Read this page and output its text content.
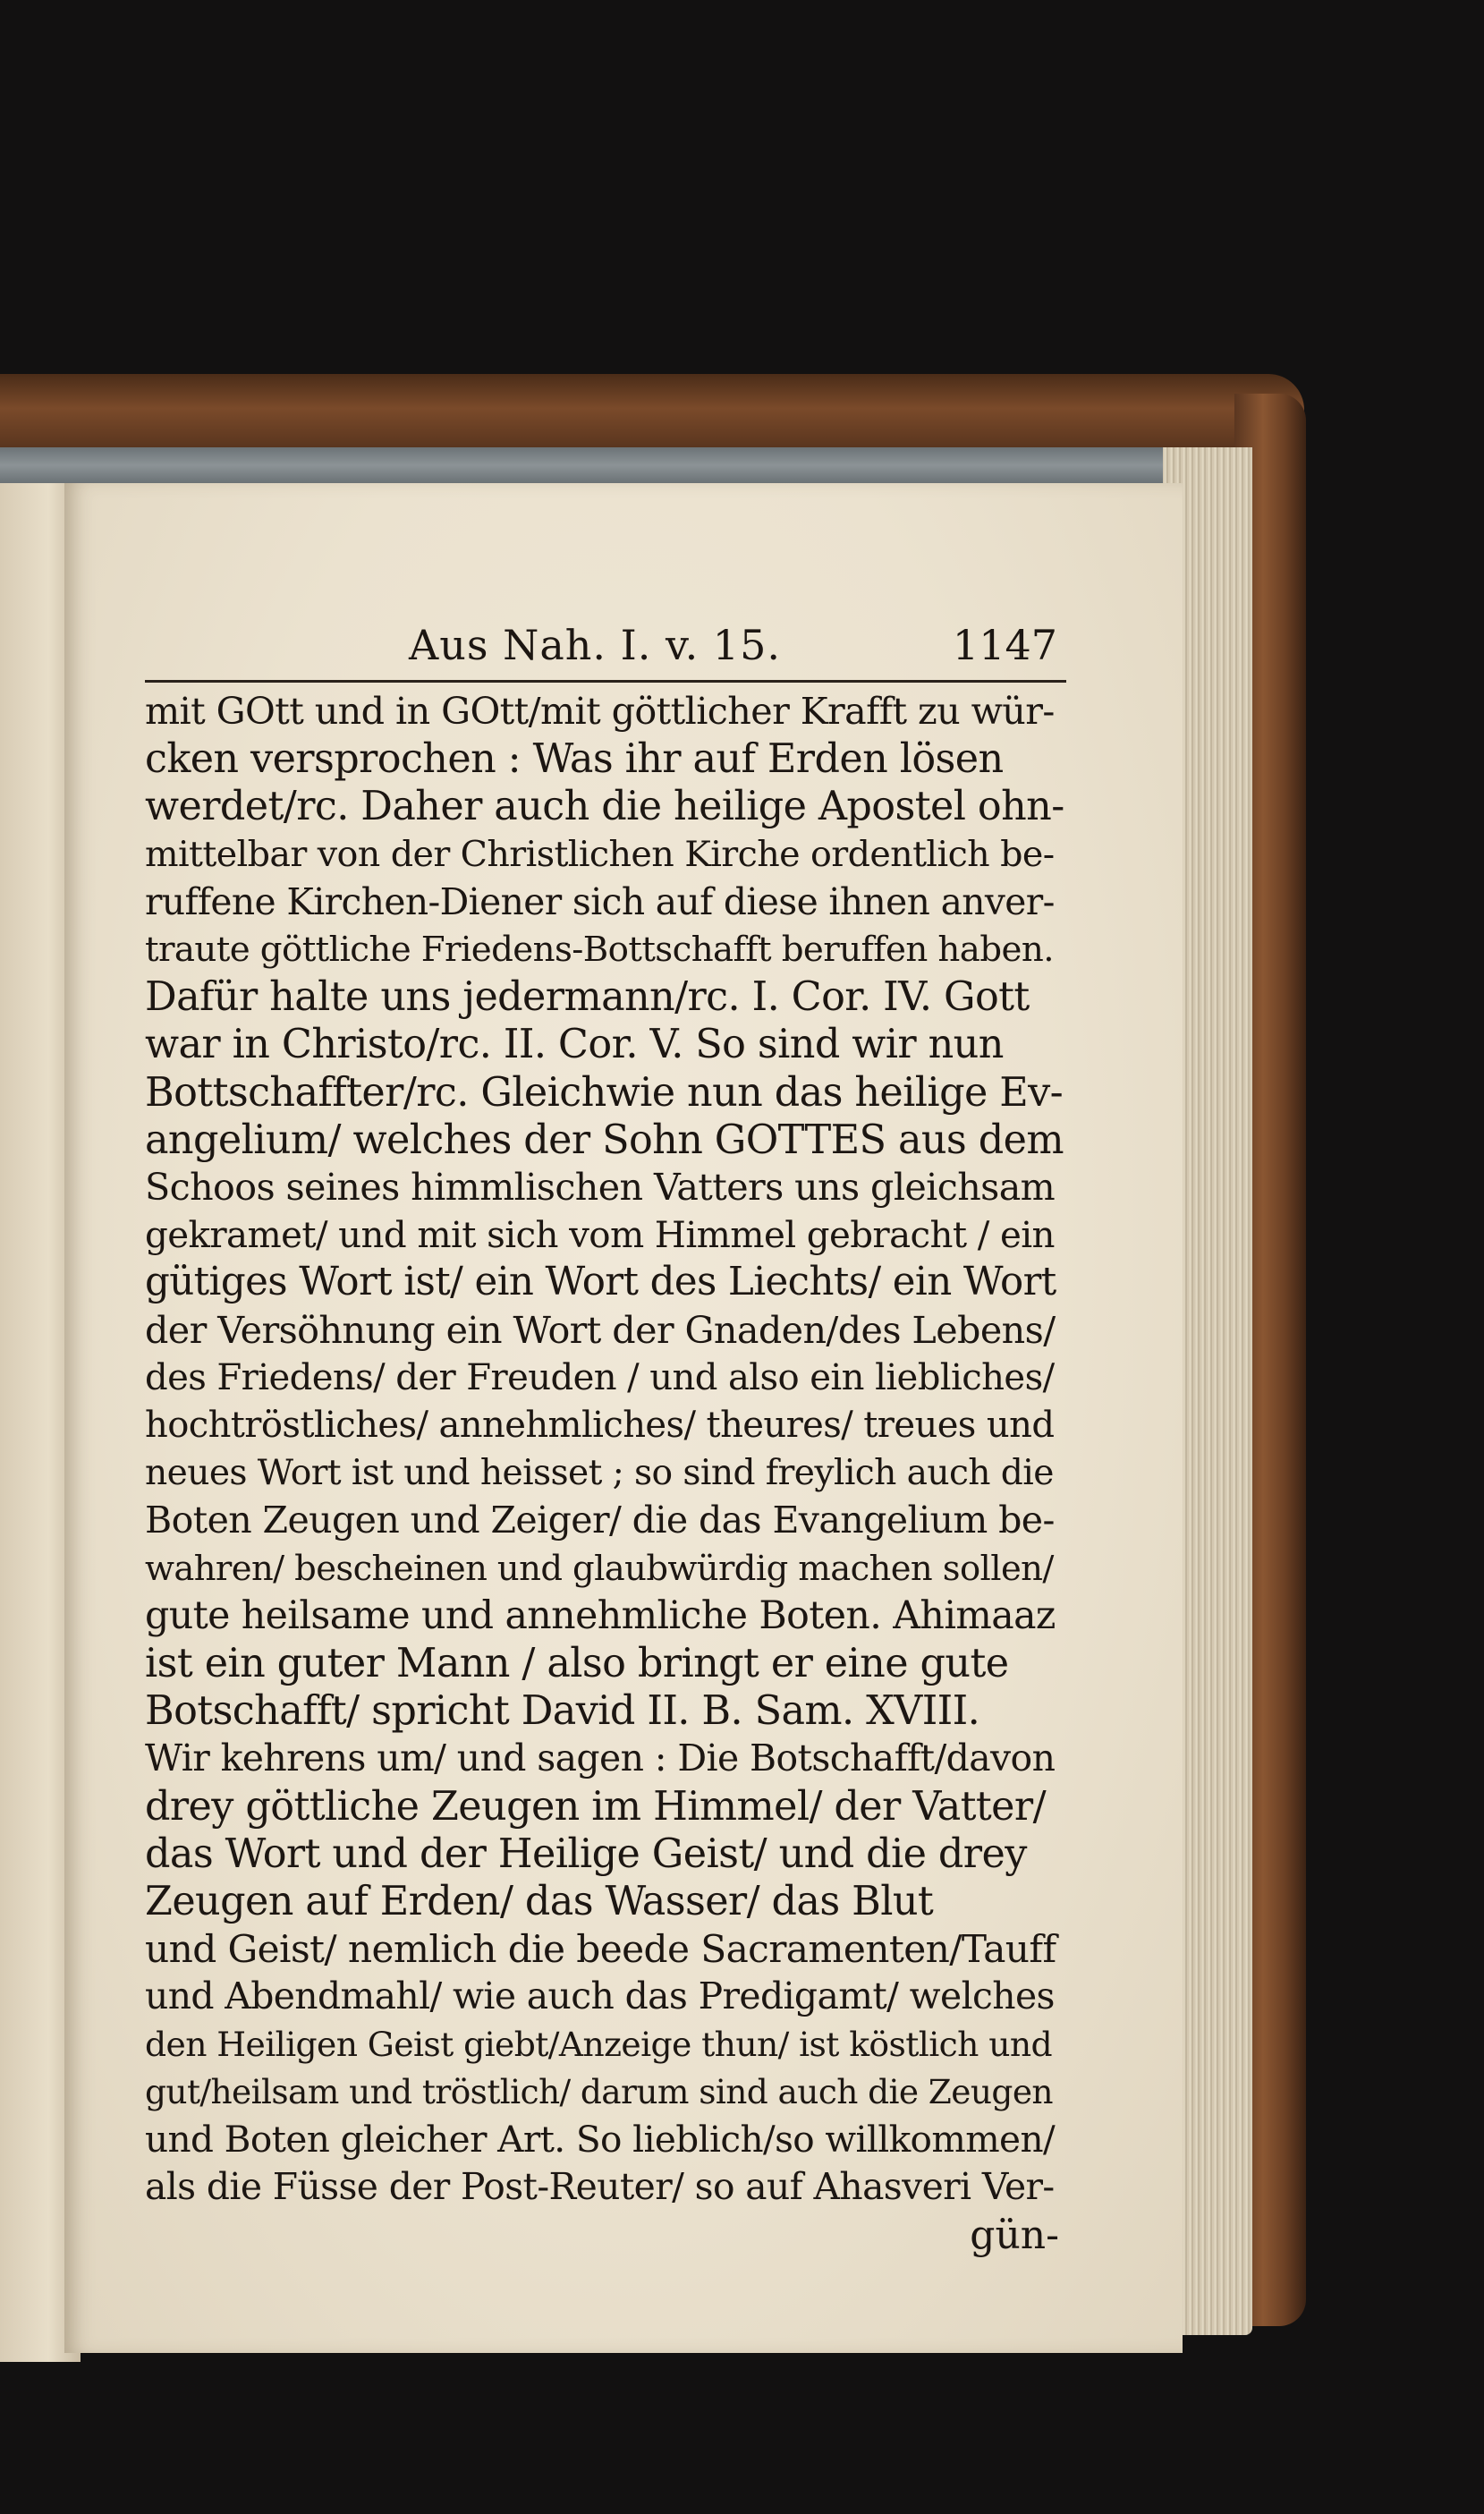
Aus Nah. I. v. 15.	1147
mit GOtt und in GOtt/mit göttlicher Krafft zu wür-
cken versprochen : Was ihr auf Erden lösen
werdet/rc. Daher auch die heilige Apostel ohn-
mittelbar von der Christlichen Kirche ordentlich be-
ruffene Kirchen-Diener sich auf diese ihnen anver-
traute göttliche Friedens-Bottschafft beruffen haben.
Dafür halte uns jedermann/rc. I. Cor. IV. Gott
war in Christo/rc. II. Cor. V. So sind wir nun
Bottschaffter/rc. Gleichwie nun das heilige Ev-
angelium/ welches der Sohn GOTTES aus dem
Schoos seines himmlischen Vatters uns gleichsam
gekramet/ und mit sich vom Himmel gebracht / ein
gütiges Wort ist/ ein Wort des Liechts/ ein Wort
der Versöhnung ein Wort der Gnaden/des Lebens/
des Friedens/ der Freuden / und also ein liebliches/
hochtröstliches/ annehmliches/ theures/ treues und
neues Wort ist und heisset ; so sind freylich auch die
Boten Zeugen und Zeiger/ die das Evangelium be-
wahren/ bescheinen und glaubwürdig machen sollen/
gute heilsame und annehmliche Boten. Ahimaaz
ist ein guter Mann / also bringt er eine gute
Botschafft/ spricht David II. B. Sam. XVIII.
Wir kehrens um/ und sagen : Die Botschafft/davon
drey göttliche Zeugen im Himmel/ der Vatter/
das Wort und der Heilige Geist/ und die drey
Zeugen auf Erden/ das Wasser/ das Blut
und Geist/ nemlich die beede Sacramenten/Tauff
und Abendmahl/ wie auch das Predigamt/ welches
den Heiligen Geist giebt/Anzeige thun/ ist köstlich und
gut/heilsam und tröstlich/ darum sind auch die Zeugen
und Boten gleicher Art. So lieblich/so willkommen/
als die Füsse der Post-Reuter/ so auf Ahasveri Ver-
gün-
